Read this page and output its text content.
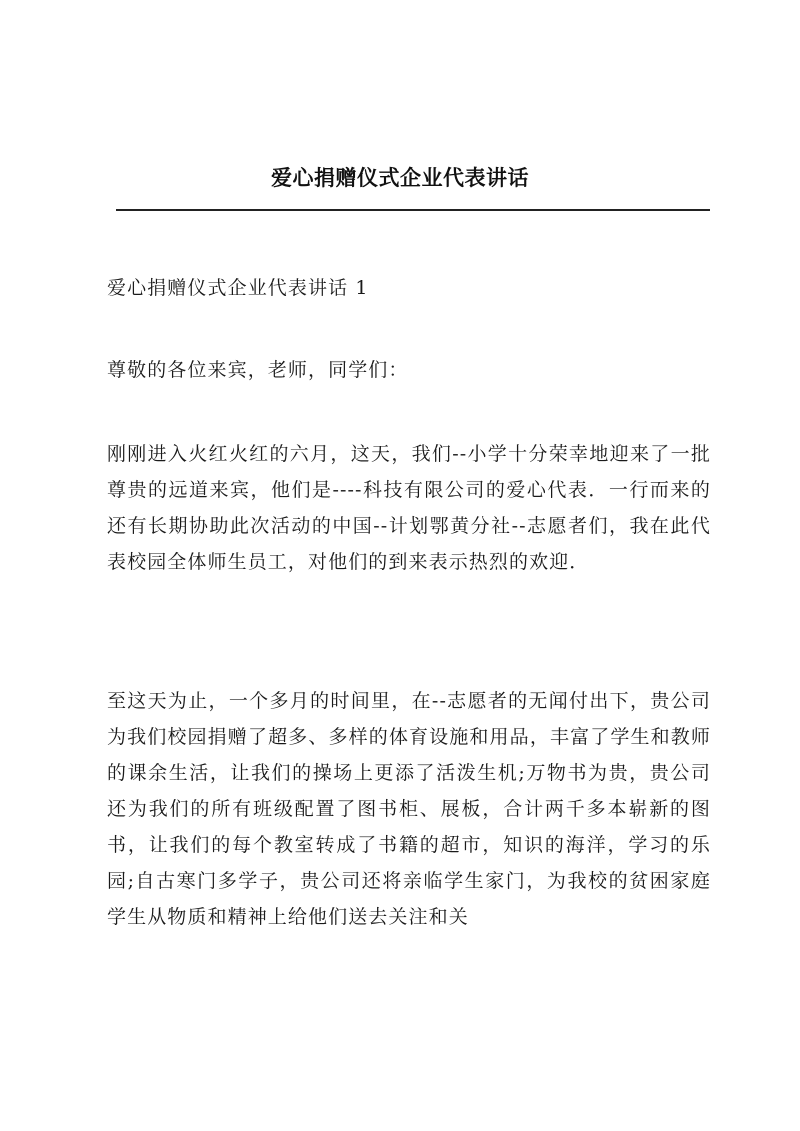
爱心捐赠仪式企业代表讲话

爱心捐赠仪式企业代表讲话 1

尊敬的各位来宾，老师，同学们：

刚刚进入火红火红的六月，这天，我们--小学十分荣幸地迎来了一批尊贵的远道来宾，他们是----科技有限公司的爱心代表．一行而来的还有长期协助此次活动的中国--计划鄂黄分社--志愿者们，我在此代表校园全体师生员工，对他们的到来表示热烈的欢迎．

至这天为止，一个多月的时间里，在--志愿者的无闻付出下，贵公司为我们校园捐赠了超多、多样的体育设施和用品，丰富了学生和教师的课余生活，让我们的操场上更添了活泼生机;万物书为贵，贵公司还为我们的所有班级配置了图书柜、展板，合计两千多本崭新的图书，让我们的每个教室转成了书籍的超市，知识的海洋，学习的乐园;自古寒门多学子，贵公司还将亲临学生家门，为我校的贫困家庭学生从物质和精神上给他们送去关注和关
